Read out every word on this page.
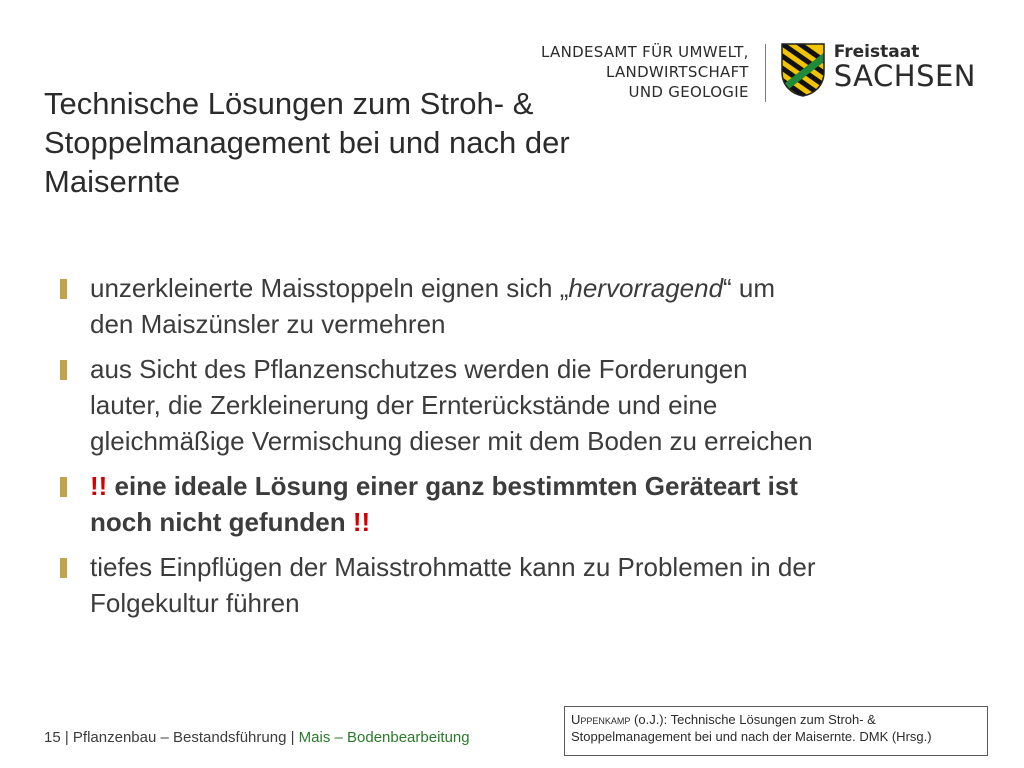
Technische Lösungen zum Stroh- &
Stoppelmanagement bei und nach der
Maisernte
LANDESAMT FÜR UMWELT,
LANDWIRTSCHAFT
UND GEOLOGIE
Freistaat
SACHSEN
unzerkleinerte Maisstoppeln eignen sich „hervorragend“ um
den Maiszünsler zu vermehren
aus Sicht des Pflanzenschutzes werden die Forderungen
lauter, die Zerkleinerung der Ernterückstände und eine
gleichmäßige Vermischung dieser mit dem Boden zu erreichen
!! eine ideale Lösung einer ganz bestimmten Geräteart ist
noch nicht gefunden !!
tiefes Einpflügen der Maisstrohmatte kann zu Problemen in der
Folgekultur führen
15 | Pflanzenbau – Bestandsführung | Mais – Bodenbearbeitung
Uppenkamp (o.J.): Technische Lösungen zum Stroh- &
Stoppelmanagement bei und nach der Maisernte. DMK (Hrsg.)
